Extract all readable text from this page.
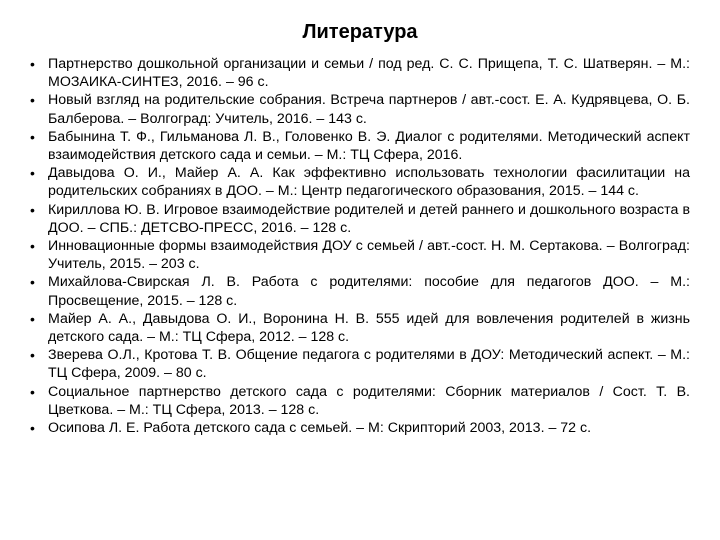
Литература
• Партнерство дошкольной организации и семьи / под ред. С. С. Прищепа, Т. С. Шатверян. – М.: МОЗАИКА-СИНТЕЗ, 2016. – 96 с.
• Новый взгляд на родительские собрания. Встреча партнеров / авт.-сост. Е. А. Кудрявцева, О. Б. Балберова. – Волгоград: Учитель, 2016. – 143 с.
• Бабынина Т. Ф., Гильманова Л. В., Головенко В. Э. Диалог с родителями. Методический аспект взаимодействия детского сада и семьи. – М.: ТЦ Сфера, 2016.
• Давыдова О. И., Майер А. А. Как эффективно использовать технологии фасилитации на родительских собраниях в ДОО. – М.: Центр педагогического образования, 2015. – 144 с.
• Кириллова Ю. В. Игровое взаимодействие родителей и детей раннего и дошкольного возраста в ДОО. – СПБ.: ДЕТСВО-ПРЕСС, 2016. – 128 с.
• Инновационные формы взаимодействия ДОУ с семьей / авт.-сост. Н. М. Сертакова. – Волгоград: Учитель, 2015. – 203 с.
• Михайлова-Свирская Л. В. Работа с родителями: пособие для педагогов ДОО. – М.: Просвещение, 2015. – 128 с.
• Майер А. А., Давыдова О. И., Воронина Н. В. 555 идей для вовлечения родителей в жизнь детского сада. – М.: ТЦ Сфера, 2012. – 128 с.
• Зверева О.Л., Кротова Т. В. Общение педагога с родителями в ДОУ: Методический аспект. – М.: ТЦ Сфера, 2009. – 80 с.
• Социальное партнерство детского сада с родителями: Сборник материалов / Сост. Т. В. Цветкова. – М.: ТЦ Сфера, 2013. – 128 с.
• Осипова Л. Е. Работа детского сада с семьей. – М: Скрипторий 2003, 2013. – 72 с.
